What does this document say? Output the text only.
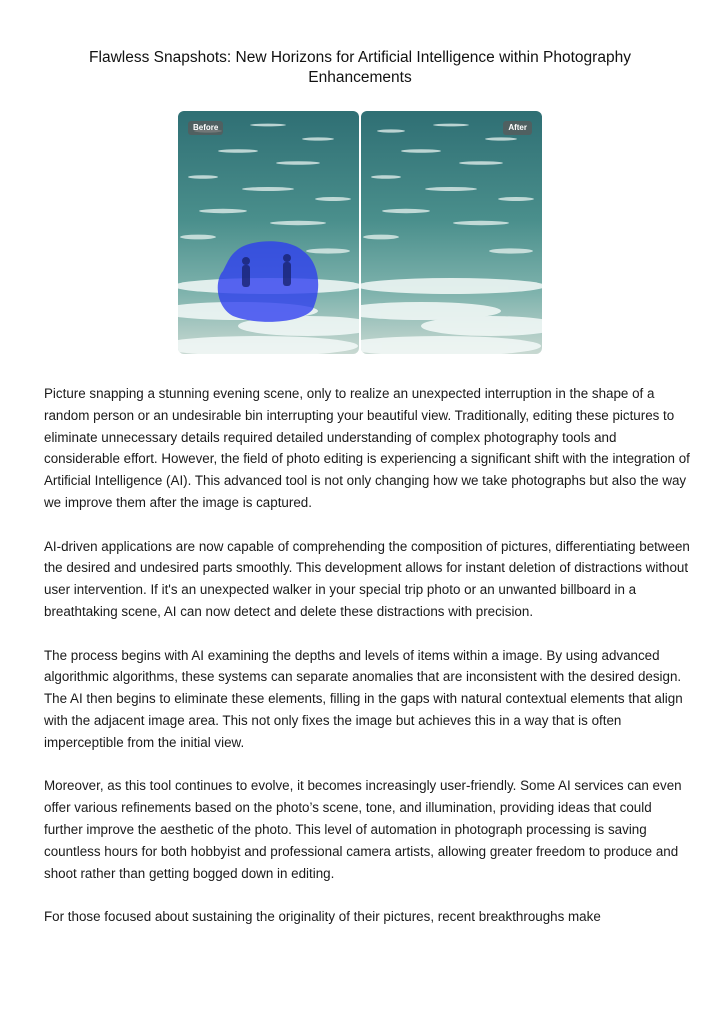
Flawless Snapshots: New Horizons for Artificial Intelligence within Photography Enhancements
Before	After

Picture snapping a stunning evening scene, only to realize an unexpected interruption in the shape of a random person or an undesirable bin interrupting your beautiful view. Traditionally, editing these pictures to eliminate unnecessary details required detailed understanding of complex photography tools and considerable effort. However, the field of photo editing is experiencing a significant shift with the integration of Artificial Intelligence (AI). This advanced tool is not only changing how we take photographs but also the way we improve them after the image is captured.

AI-driven applications are now capable of comprehending the composition of pictures, differentiating between the desired and undesired parts smoothly. This development allows for instant deletion of distractions without user intervention. If it's an unexpected walker in your special trip photo or an unwanted billboard in a breathtaking scene, AI can now detect and delete these distractions with precision.

The process begins with AI examining the depths and levels of items within a image. By using advanced algorithmic algorithms, these systems can separate anomalies that are inconsistent with the desired design. The AI then begins to eliminate these elements, filling in the gaps with natural contextual elements that align with the adjacent image area. This not only fixes the image but achieves this in a way that is often imperceptible from the initial view.

Moreover, as this tool continues to evolve, it becomes increasingly user-friendly. Some AI services can even offer various refinements based on the photo’s scene, tone, and illumination, providing ideas that could further improve the aesthetic of the photo. This level of automation in photograph processing is saving countless hours for both hobbyist and professional camera artists, allowing greater freedom to produce and shoot rather than getting bogged down in editing.

For those focused about sustaining the originality of their pictures, recent breakthroughs make
